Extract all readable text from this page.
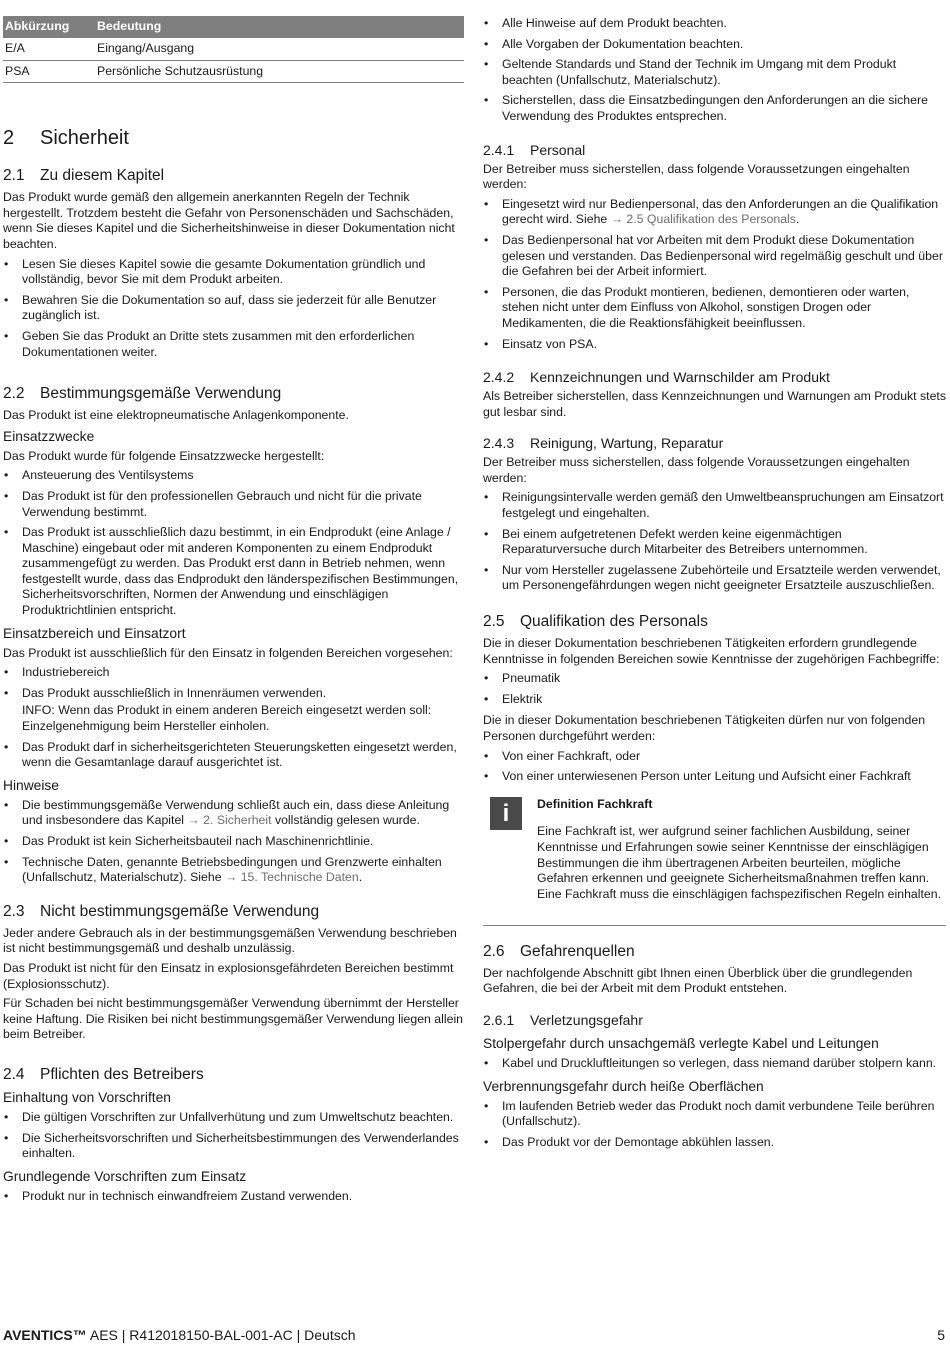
Abkürzung	Bedeutung
E/A	Eingang/Ausgang
PSA	Persönliche Schutzausrüstung
2 Sicherheit
2.1 Zu diesem Kapitel

Das Produkt wurde gemäß den allgemein anerkannten Regeln der Technik hergestellt. Trotzdem besteht die Gefahr von Personenschäden und Sachschäden, wenn Sie dieses Kapitel und die Sicherheitshinweise in dieser Dokumentation nicht beachten.

• Lesen Sie dieses Kapitel sowie die gesamte Dokumentation gründlich und vollständig, bevor Sie mit dem Produkt arbeiten.
• Bewahren Sie die Dokumentation so auf, dass sie jederzeit für alle Benutzer zugänglich ist.
• Geben Sie das Produkt an Dritte stets zusammen mit den erforderlichen Dokumentationen weiter.
2.2 Bestimmungsgemäße Verwendung

Das Produkt ist eine elektropneumatische Anlagenkomponente.

Einsatzzwecke

Das Produkt wurde für folgende Einsatzzwecke hergestellt:

• Ansteuerung des Ventilsystems
• Das Produkt ist für den professionellen Gebrauch und nicht für die private Verwendung bestimmt.
• Das Produkt ist ausschließlich dazu bestimmt, in ein Endprodukt (eine Anlage / Maschine) eingebaut oder mit anderen Komponenten zu einem Endprodukt zusammengefügt zu werden. Das Produkt erst dann in Betrieb nehmen, wenn festgestellt wurde, dass das Endprodukt den länderspezifischen Bestimmungen, Sicherheitsvorschriften, Normen der Anwendung und einschlägigen Produktrichtlinien entspricht.
Einsatzbereich und Einsatzort

Das Produkt ist ausschließlich für den Einsatz in folgenden Bereichen vorgesehen:

• Industriebereich
• Das Produkt ausschließlich in Innenräumen verwenden.
INFO: Wenn das Produkt in einem anderen Bereich eingesetzt werden soll: Einzelgenehmigung beim Hersteller einholen.
• Das Produkt darf in sicherheitsgerichteten Steuerungsketten eingesetzt werden, wenn die Gesamtanlage darauf ausgerichtet ist.
Hinweise
• Die bestimmungsgemäße Verwendung schließt auch ein, dass diese Anleitung und insbesondere das Kapitel → 2. Sicherheit vollständig gelesen wurde.
• Das Produkt ist kein Sicherheitsbauteil nach Maschinenrichtlinie.
• Technische Daten, genannte Betriebsbedingungen und Grenzwerte einhalten (Unfallschutz, Materialschutz). Siehe → 15. Technische Daten.
2.3 Nicht bestimmungsgemäße Verwendung

Jeder andere Gebrauch als in der bestimmungsgemäßen Verwendung beschrieben ist nicht bestimmungsgemäß und deshalb unzulässig.

Das Produkt ist nicht für den Einsatz in explosionsgefährdeten Bereichen bestimmt (Explosionsschutz).

Für Schaden bei nicht bestimmungsgemäßer Verwendung übernimmt der Hersteller keine Haftung. Die Risiken bei nicht bestimmungsgemäßer Verwendung liegen allein beim Betreiber.

2.4 Pflichten des Betreibers
Einhaltung von Vorschriften
• Die gültigen Vorschriften zur Unfallverhütung und zum Umweltschutz beachten.
• Die Sicherheitsvorschriften und Sicherheitsbestimmungen des Verwenderlandes einhalten.
Grundlegende Vorschriften zum Einsatz
• Produkt nur in technisch einwandfreiem Zustand verwenden.
• Alle Hinweise auf dem Produkt beachten.
• Alle Vorgaben der Dokumentation beachten.
• Geltende Standards und Stand der Technik im Umgang mit dem Produkt beachten (Unfallschutz, Materialschutz).
• Sicherstellen, dass die Einsatzbedingungen den Anforderungen an die sichere Verwendung des Produktes entsprechen.
2.4.1 Personal

Der Betreiber muss sicherstellen, dass folgende Voraussetzungen eingehalten werden:

• Eingesetzt wird nur Bedienpersonal, das den Anforderungen an die Qualifikation gerecht wird. Siehe → 2.5 Qualifikation des Personals.
• Das Bedienpersonal hat vor Arbeiten mit dem Produkt diese Dokumentation gelesen und verstanden. Das Bedienpersonal wird regelmäßig geschult und über die Gefahren bei der Arbeit informiert.
• Personen, die das Produkt montieren, bedienen, demontieren oder warten, stehen nicht unter dem Einfluss von Alkohol, sonstigen Drogen oder Medikamenten, die die Reaktionsfähigkeit beeinflussen.
• Einsatz von PSA.
2.4.2 Kennzeichnungen und Warnschilder am Produkt

Als Betreiber sicherstellen, dass Kennzeichnungen und Warnungen am Produkt stets gut lesbar sind.

2.4.3 Reinigung, Wartung, Reparatur

Der Betreiber muss sicherstellen, dass folgende Voraussetzungen eingehalten werden:

• Reinigungsintervalle werden gemäß den Umweltbeanspruchungen am Einsatzort festgelegt und eingehalten.
• Bei einem aufgetretenen Defekt werden keine eigenmächtigen Reparaturversuche durch Mitarbeiter des Betreibers unternommen.
• Nur vom Hersteller zugelassene Zubehörteile und Ersatzteile werden verwendet, um Personengefährdungen wegen nicht geeigneter Ersatzteile auszuschließen.
2.5 Qualifikation des Personals

Die in dieser Dokumentation beschriebenen Tätigkeiten erfordern grundlegende Kenntnisse in folgenden Bereichen sowie Kenntnisse der zugehörigen Fachbegriffe:

• Pneumatik
• Elektrik

Die in dieser Dokumentation beschriebenen Tätigkeiten dürfen nur von folgenden Personen durchgeführt werden:

• Von einer Fachkraft, oder
• Von einer unterwiesenen Person unter Leitung und Aufsicht einer Fachkraft
i	Definition Fachkraft
Eine Fachkraft ist, wer aufgrund seiner fachlichen Ausbildung, seiner Kenntnisse und Erfahrungen sowie seiner Kenntnisse der einschlägigen Bestimmungen die ihm übertragenen Arbeiten beurteilen, mögliche Gefahren erkennen und geeignete Sicherheitsmaßnahmen treffen kann. Eine Fachkraft muss die einschlägigen fachspezifischen Regeln einhalten.
2.6 Gefahrenquellen

Der nachfolgende Abschnitt gibt Ihnen einen Überblick über die grundlegenden Gefahren, die bei der Arbeit mit dem Produkt entstehen.

2.6.1 Verletzungsgefahr
Stolpergefahr durch unsachgemäß verlegte Kabel und Leitungen
• Kabel und Druckluftleitungen so verlegen, dass niemand darüber stolpern kann.
Verbrennungsgefahr durch heiße Oberflächen
• Im laufenden Betrieb weder das Produkt noch damit verbundene Teile berühren (Unfallschutz).
• Das Produkt vor der Demontage abkühlen lassen.
AVENTICS™ AES | R412018150-BAL-001-AC | Deutsch	5
